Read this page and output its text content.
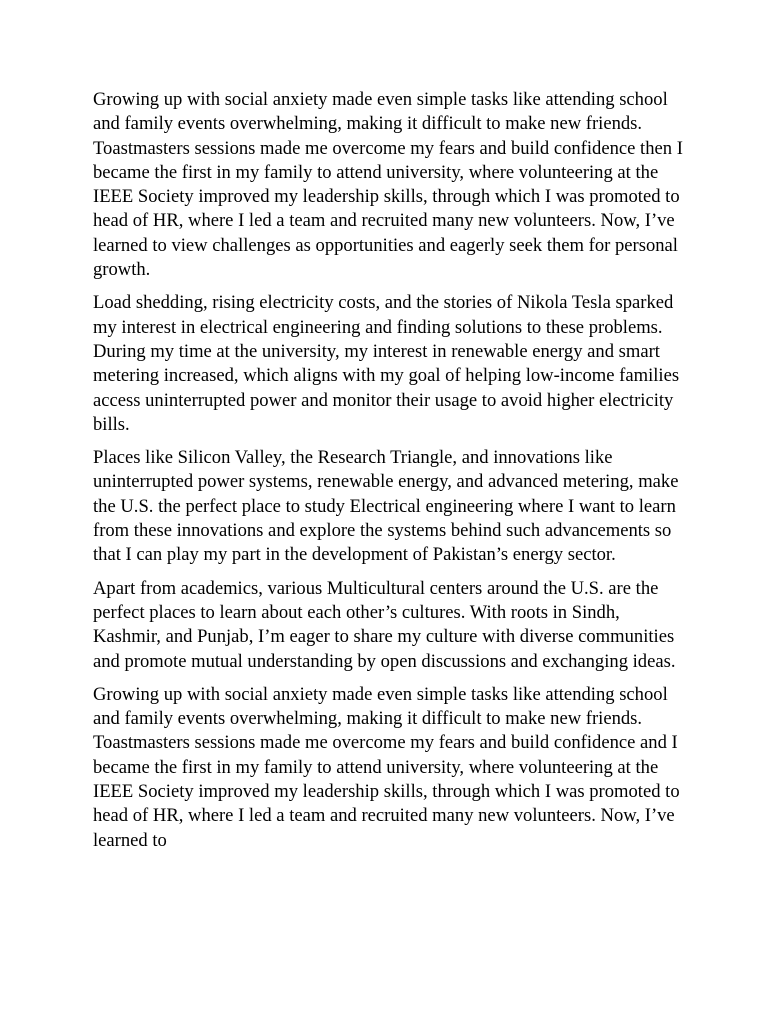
Growing up with social anxiety made even simple tasks like attending school and family events overwhelming, making it difficult to make new friends. Toastmasters sessions made me overcome my fears and build confidence then I became the first in my family to attend university, where volunteering at the IEEE Society improved my leadership skills, through which I was promoted to head of HR, where I led a team and recruited many new volunteers. Now, I’ve learned to view challenges as opportunities and eagerly seek them for personal growth.

Load shedding, rising electricity costs, and the stories of Nikola Tesla sparked my interest in electrical engineering and finding solutions to these problems. During my time at the university, my interest in renewable energy and smart metering increased, which aligns with my goal of helping low-income families access uninterrupted power and monitor their usage to avoid higher electricity bills.

Places like Silicon Valley, the Research Triangle, and innovations like uninterrupted power systems, renewable energy, and advanced metering, make the U.S. the perfect place to study Electrical engineering where I want to learn from these innovations and explore the systems behind such advancements so that I can play my part in the development of Pakistan’s energy sector.

Apart from academics, various Multicultural centers around the U.S. are the perfect places to learn about each other’s cultures. With roots in Sindh, Kashmir, and Punjab, I’m eager to share my culture with diverse communities and promote mutual understanding by open discussions and exchanging ideas.

Growing up with social anxiety made even simple tasks like attending school and family events overwhelming, making it difficult to make new friends. Toastmasters sessions made me overcome my fears and build confidence and I became the first in my family to attend university, where volunteering at the IEEE Society improved my leadership skills, through which I was promoted to head of HR, where I led a team and recruited many new volunteers. Now, I’ve learned to
